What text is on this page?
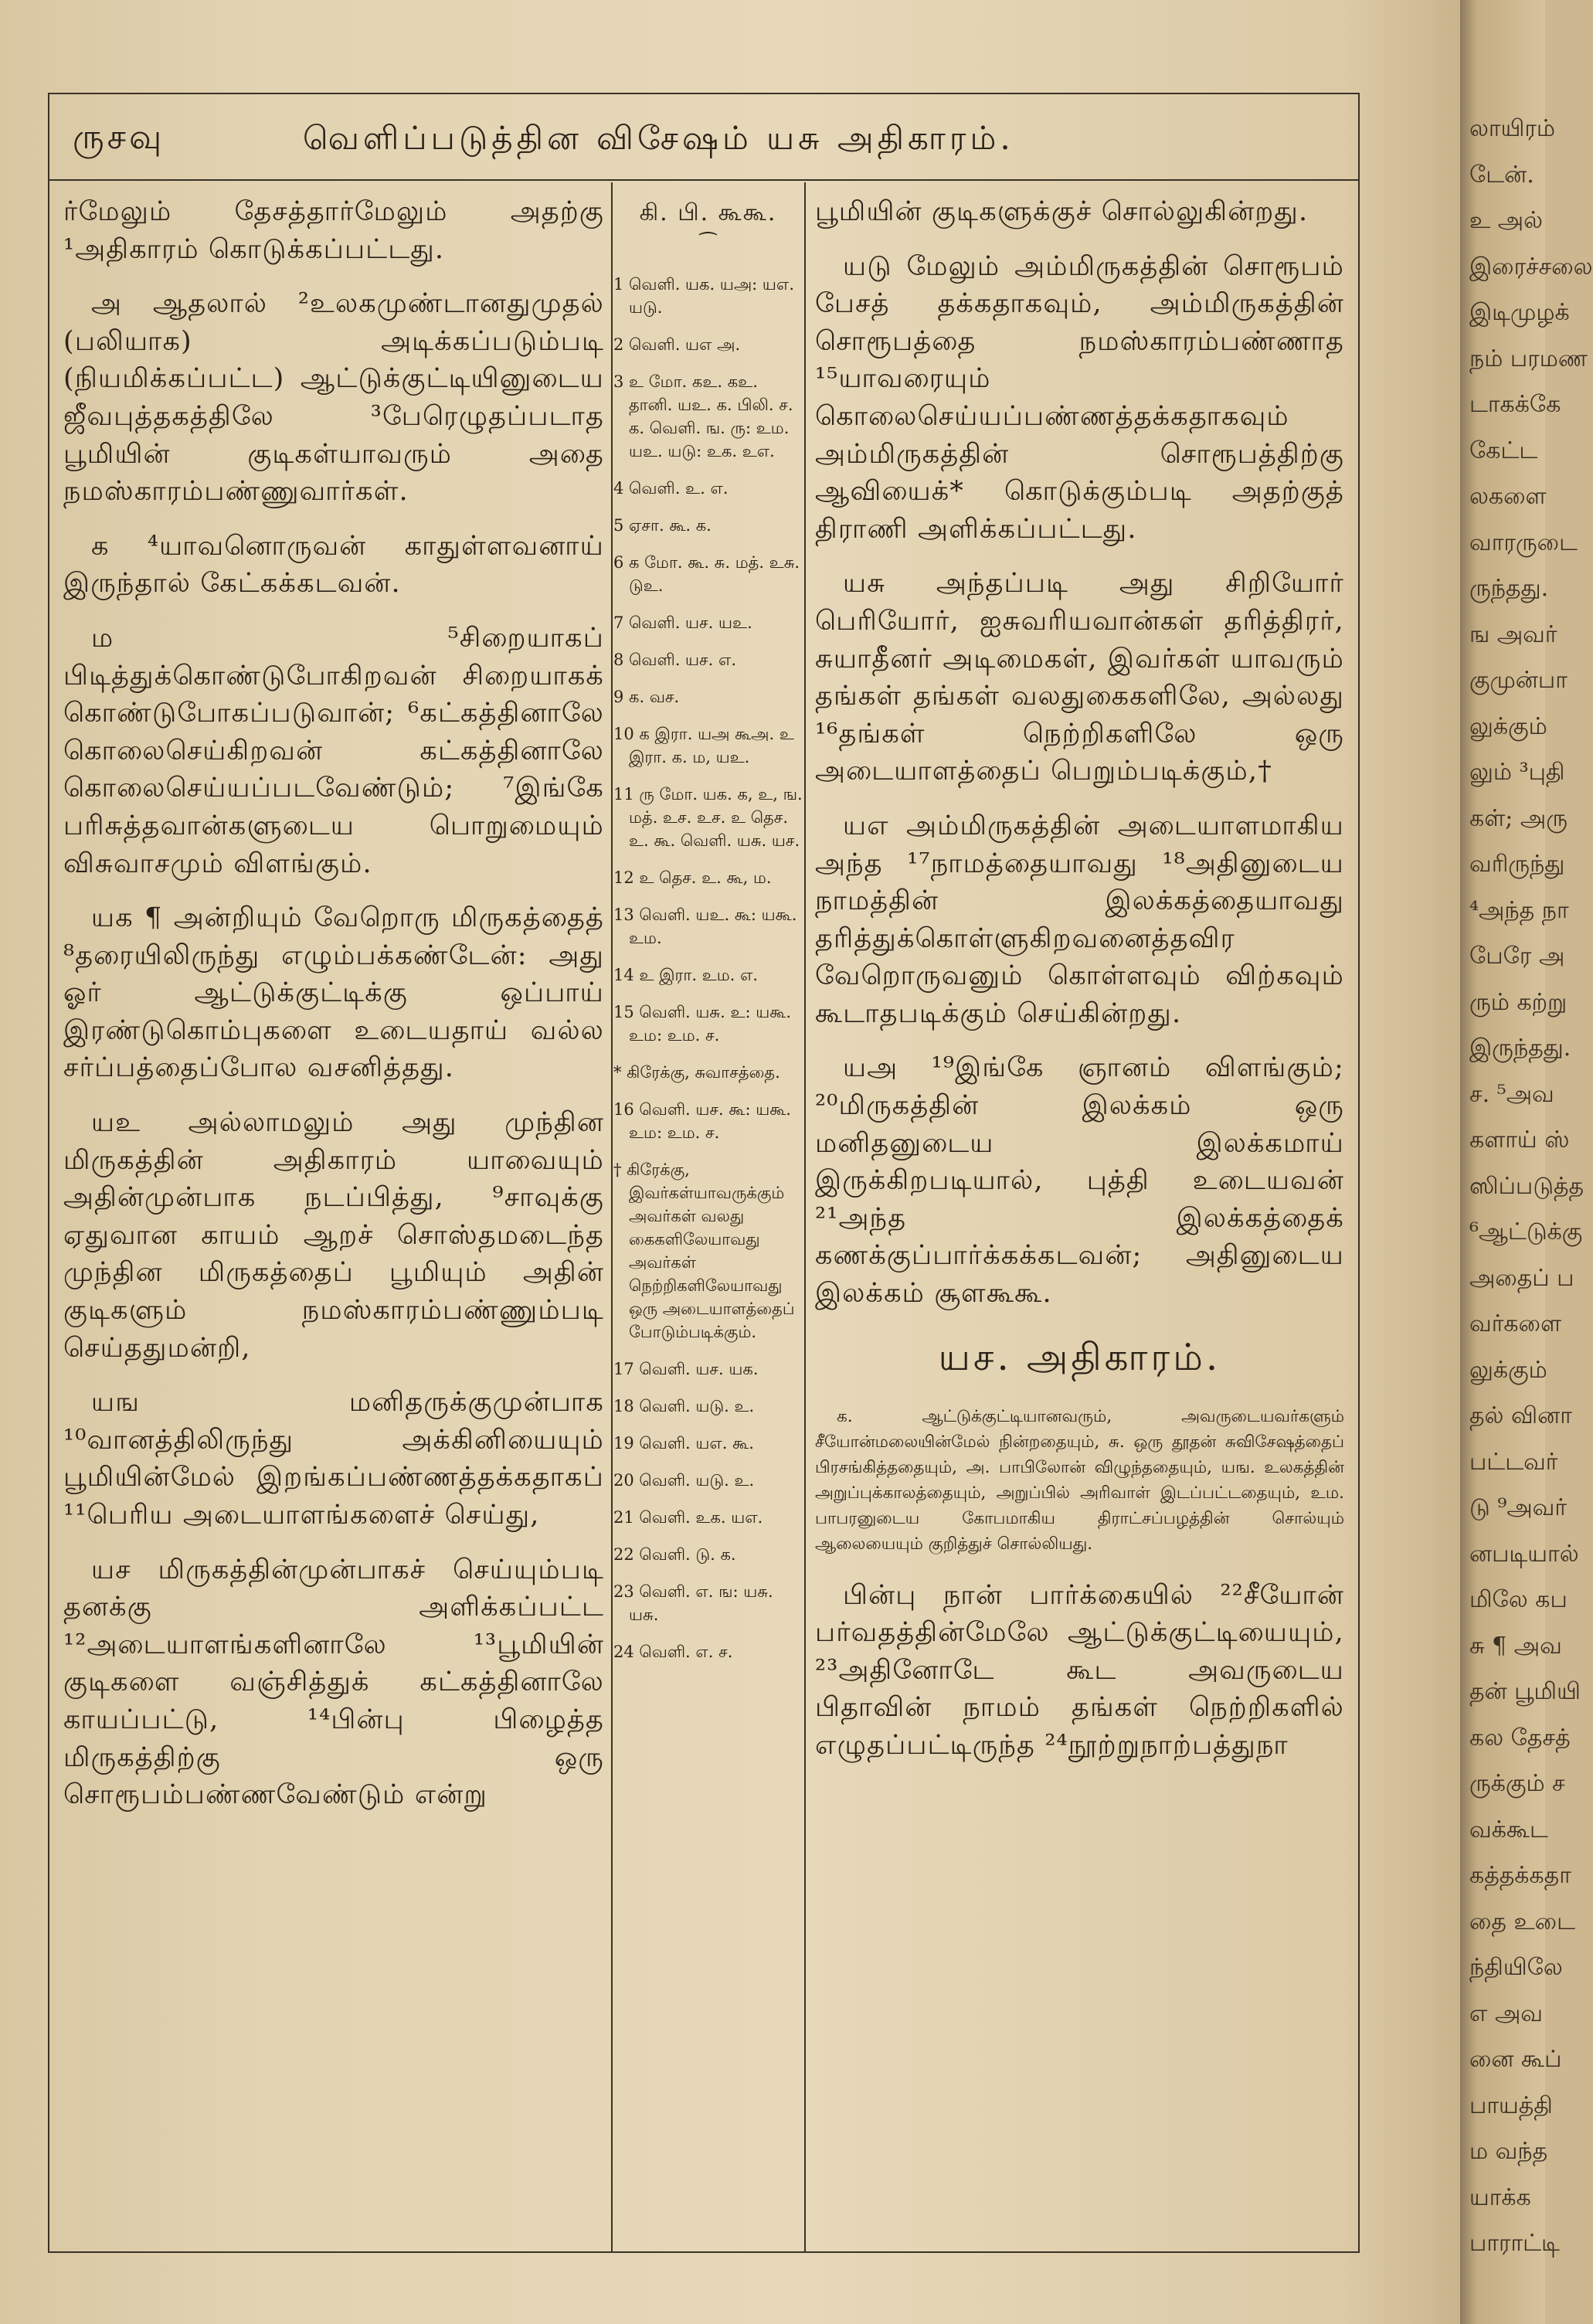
லாயிரம்
டேன்.
உ அல்
இரைச்சலை
இடிமுழக்
நம் பரமண
டாகக்கே
கேட்ட
லகளை
வாரருடை
ருந்தது.
ங அவர்
குமுன்பா
லுக்கும்
லும் ³புதி
கள்; அரு
வரிருந்து
⁴அந்த நா
பேரே அ
ரும் கற்று
இருந்தது.
ச. ⁵அவ
களாய் ஸ்
ஸிப்படுத்த
⁶ஆட்டுக்கு
அதைப் ப
வர்களை
லுக்கும்
தல் வினா
பட்டவர்
டு ⁹அவர்
னபடியால்
மிலே கப
சு ¶ அவ
தன் பூமியி
கல தேசத்
ருக்கும் ச
வக்கூட
கத்தக்கதா
தை உடை
ந்தியிலே
எ அவ
னை கூப்
பாயத்தி
ம வந்த
யாக்க
பாராட்டி
ருசவு	வெளிப்படுத்தின விசேஷம் யசு அதிகாரம்.

ர்மேலும் தேசத்தார்மேலும் அதற்கு ¹அதிகாரம் கொடுக்கப்பட்டது.

அ ஆதலால் ²உலகமுண்டானதுமுதல் (பலியாக) அடிக்கப்படும்படி (நியமிக்கப்பட்ட) ஆட்டுக்குட்டியினுடைய ஜீவபுத்தகத்திலே ³பேரெழுதப்படாத பூமியின் குடிகள்யாவரும் அதை நமஸ்காரம்பண்ணுவார்கள்.

க ⁴யாவனொருவன் காதுள்ளவனாய் இருந்தால் கேட்கக்கடவன்.

ம ⁵சிறையாகப் பிடித்துக்கொண்டுபோகிறவன் சிறையாகக் கொண்டுபோகப்படுவான்; ⁶கட்கத்தினாலே கொலைசெய்கிறவன் கட்கத்தினாலே கொலைசெய்யப்படவேண்டும்; ⁷இங்கே பரிசுத்தவான்களுடைய பொறுமையும் விசுவாசமும் விளங்கும்.

யக ¶ அன்றியும் வேறொரு மிருகத்தைத் ⁸தரையிலிருந்து எழும்பக்கண்டேன்: அது ஓர் ஆட்டுக்குட்டிக்கு ஒப்பாய் இரண்டுகொம்புகளை உடையதாய் வல்ல சர்ப்பத்தைப்போல வசனித்தது.

யஉ அல்லாமலும் அது முந்தின மிருகத்தின் அதிகாரம் யாவையும் அதின்முன்பாக நடப்பித்து, ⁹சாவுக்கு ஏதுவான காயம் ஆறச் சொஸ்தமடைந்த முந்தின மிருகத்தைப் பூமியும் அதின் குடிகளும் நமஸ்காரம்பண்ணும்படி செய்ததுமன்றி,

யங மனிதருக்குமுன்பாக ¹⁰வானத்திலிருந்து அக்கினியையும் பூமியின்மேல் இறங்கப்பண்ணத்தக்கதாகப் ¹¹பெரிய அடையாளங்களைச் செய்து,

யச மிருகத்தின்முன்பாகச் செய்யும்படி தனக்கு அளிக்கப்பட்ட ¹²அடையாளங்களினாலே ¹³பூமியின் குடிகளை வஞ்சித்துக் கட்கத்தினாலே காயப்பட்டு, ¹⁴பின்பு பிழைத்த மிருகத்திற்கு ஒரு சொரூபம்பண்ணவேண்டும் என்று

கி. பி. கூகூ.
⁀
1 வெளி. யக. யஅ: யஎ. யடு.
2 வெளி. யஎ அ.
3 உ மோ. கஉ. கஉ. தானி. யஉ. க. பிலி. ச. க. வெளி. ங. ரு: உம. யஉ. யடு: உக. உஎ.
4 வெளி. உ. எ.
5 ஏசா. கூ. க.
6 க மோ. கூ. சு. மத். உசு. டுஉ.
7 வெளி. யச. யஉ.
8 வெளி. யச. எ.
9 க. வச.
10 க இரா. யஅ கூஅ. உ இரா. க. ம, யஉ.
11 ரு மோ. யக. க, உ, ங. மத். உச. உச. உ தெச. உ. கூ. வெளி. யசு. யச.
12 உ தெச. உ. கூ, ம.
13 வெளி. யஉ. கூ: யகூ. உம.
14 உ இரா. உம. எ.
15 வெளி. யசு. உ: யகூ. உம: உம. ச.
* கிரேக்கு, சுவாசத்தை.
16 வெளி. யச. கூ: யகூ. உம: உம. ச.
† கிரேக்கு, இவர்கள்யாவருக்கும் அவர்கள் வலது கைகளிலேயாவது அவர்கள் நெற்றிகளிலேயாவது ஒரு அடையாளத்தைப் போடும்படிக்கும்.
17 வெளி. யச. யக.
18 வெளி. யடு. உ.
19 வெளி. யஎ. கூ.
20 வெளி. யடு. உ.
21 வெளி. உக. யஎ.
22 வெளி. டு. க.
23 வெளி. எ. ங: யசு. யசு.
24 வெளி. எ. ச.

பூமியின் குடிகளுக்குச் சொல்லுகின்றது.

யடு மேலும் அம்மிருகத்தின் சொரூபம் பேசத் தக்கதாகவும், அம்மிருகத்தின் சொரூபத்தை நமஸ்காரம்பண்ணாத ¹⁵யாவரையும் கொலைசெய்யப்பண்ணத்தக்கதாகவும் அம்மிருகத்தின் சொரூபத்திற்கு ஆவியைக்* கொடுக்கும்படி அதற்குத் திராணி அளிக்கப்பட்டது.

யசு அந்தப்படி அது சிறியோர் பெரியோர், ஐசுவரியவான்கள் தரித்திரர், சுயாதீனர் அடிமைகள், இவர்கள் யாவரும் தங்கள் தங்கள் வலதுகைகளிலே, அல்லது ¹⁶தங்கள் நெற்றிகளிலே ஒரு அடையாளத்தைப் பெறும்படிக்கும்,†

யஎ அம்மிருகத்தின் அடையாளமாகிய அந்த ¹⁷நாமத்தையாவது ¹⁸அதினுடைய நாமத்தின் இலக்கத்தையாவது தரித்துக்கொள்ளுகிறவனைத்தவிர வேறொருவனும் கொள்ளவும் விற்கவும் கூடாதபடிக்கும் செய்கின்றது.

யஅ ¹⁹இங்கே ஞானம் விளங்கும்; ²⁰மிருகத்தின் இலக்கம் ஒரு மனிதனுடைய இலக்கமாய் இருக்கிறபடியால், புத்தி உடையவன் ²¹அந்த இலக்கத்தைக் கணக்குப்பார்க்கக்கடவன்; அதினுடைய இலக்கம் சூளகூகூ.

யச. அதிகாரம்.

க. ஆட்டுக்குட்டியானவரும், அவருடையவர்களும் சீயோன்மலையின்மேல் நின்றதையும், சு. ஒரு தூதன் சுவிசேஷத்தைப் பிரசங்கித்ததையும், அ. பாபிலோன் விழுந்ததையும், யங. உலகத்தின் அறுப்புக்காலத்தையும், அறுப்பில் அரிவாள் இடப்பட்டதையும், உம. பாபரனுடைய கோபமாகிய திராட்சப்பழத்தின் சொல்யும் ஆலையையும் குறித்துச் சொல்லியது.

பின்பு நான் பார்க்கையில் ²²சீயோன் பர்வதத்தின்மேலே ஆட்டுக்குட்டியையும், ²³அதினோடே கூட அவருடைய பிதாவின் நாமம் தங்கள் நெற்றிகளில் எழுதப்பட்டிருந்த ²⁴நூற்றுநாற்பத்துநா
